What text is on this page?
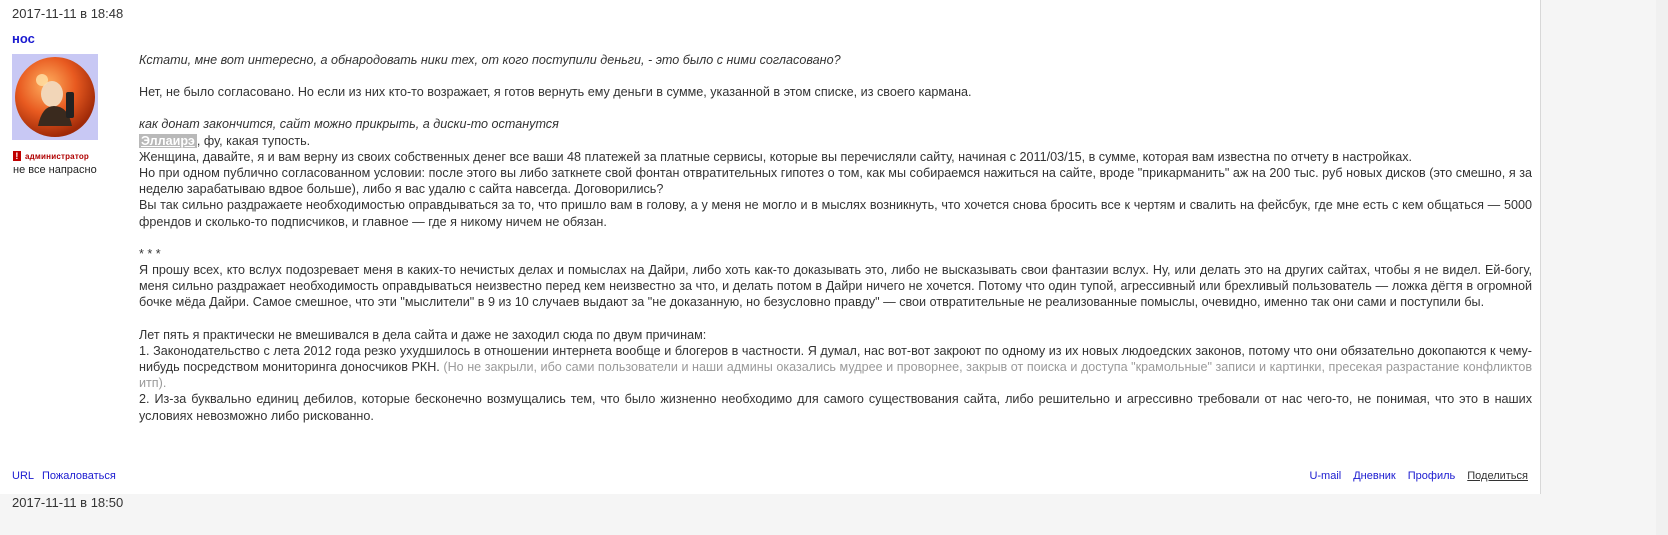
2017-11-11 в 18:48
нос
! администратор
не все напрасно

Кстати, мне вот интересно, а обнародовать ники тех, от кого поступили деньги, - это было с ними согласовано?

Нет, не было согласовано. Но если из них кто-то возражает, я готов вернуть ему деньги в сумме, указанной в этом списке, из своего кармана.

как донат закончится, сайт можно прикрыть, а диски-то останутся

Эллаирэ , фу, какая тупость.

Женщина, давайте, я и вам верну из своих собственных денег все ваши 48 платежей за платные сервисы, которые вы перечисляли сайту, начиная с 2011/03/15, в сумме, которая вам известна по отчету в настройках.

Но при одном публично согласованном условии: после этого вы либо заткнете свой фонтан отвратительных гипотез о том, как мы собираемся нажиться на сайте, вроде "прикарманить" аж на 200 тыс. руб новых дисков (это смешно, я за неделю зарабатываю вдвое больше), либо я вас удалю с сайта навсегда. Договорились?

Вы так сильно раздражаете необходимостью оправдываться за то, что пришло вам в голову, а у меня не могло и в мыслях возникнуть, что хочется снова бросить все к чертям и свалить на фейсбук, где мне есть с кем общаться — 5000 френдов и сколько-то подписчиков, и главное — где я никому ничем не обязан.

* * *

Я прошу всех, кто вслух подозревает меня в каких-то нечистых делах и помыслах на Дайри, либо хоть как-то доказывать это, либо не высказывать свои фантазии вслух. Ну, или делать это на других сайтах, чтобы я не видел. Ей-богу, меня сильно раздражает необходимость оправдываться неизвестно перед кем неизвестно за что, и делать потом в Дайри ничего не хочется. Потому что один тупой, агрессивный или брехливый пользователь — ложка дёгтя в огромной бочке мёда Дайри. Самое смешное, что эти "мыслители" в 9 из 10 случаев выдают за "не доказанную, но безусловно правду" — свои отвратительные не реализованные помыслы, очевидно, именно так они сами и поступили бы.

Лет пять я практически не вмешивался в дела сайта и даже не заходил сюда по двум причинам:

1. Законодательство с лета 2012 года резко ухудшилось в отношении интернета вообще и блогеров в частности. Я думал, нас вот-вот закроют по одному из их новых людоедских законов, потому что они обязательно докопаются к чему-нибудь посредством мониторинга доносчиков РКН. (Но не закрыли, ибо сами пользователи и наши админы оказались мудрее и проворнее, закрыв от поиска и доступа "крамольные" записи и картинки, пресекая разрастание конфликтов итп).

2. Из-за буквально единиц дебилов, которые бесконечно возмущались тем, что было жизненно необходимо для самого существования сайта, либо решительно и агрессивно требовали от нас чего-то, не понимая, что это в наших условиях невозможно либо рискованно.

URL Пожаловаться	U-mail Дневник Профиль Поделиться
2017-11-11 в 18:50
